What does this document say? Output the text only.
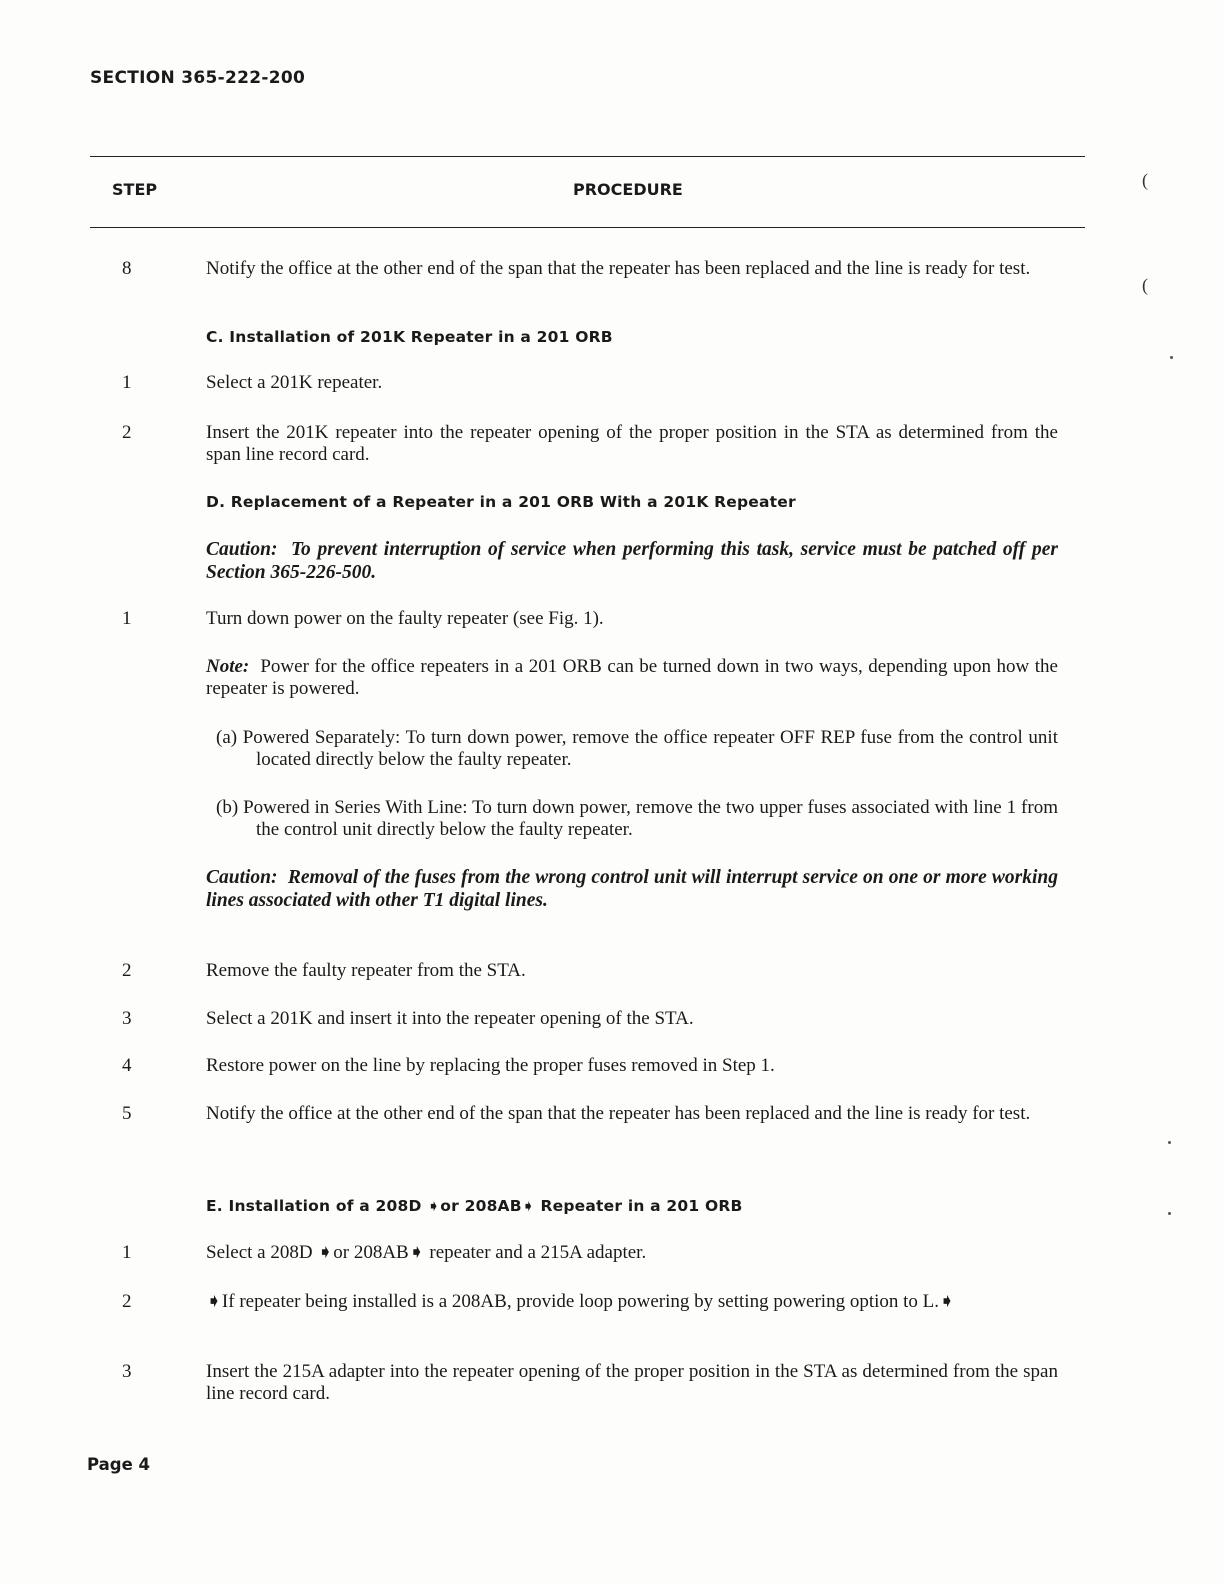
SECTION 365-222-200
STEP	PROCEDURE	(
(
8	Notify the office at the other end of the span that the repeater has been replaced and the line is ready for test.
C. Installation of 201K Repeater in a 201 ORB
1	Select a 201K repeater.
2	Insert the 201K repeater into the repeater opening of the proper position in the STA as determined from the span line record card.
D. Replacement of a Repeater in a 201 ORB With a 201K Repeater
Caution: To prevent interruption of service when performing this task, service must be patched off per Section 365-226-500.
1	Turn down power on the faulty repeater (see Fig. 1).
Note: Power for the office repeaters in a 201 ORB can be turned down in two ways, depending upon how the repeater is powered.
(a) Powered Separately: To turn down power, remove the office repeater OFF REP fuse from the control unit located directly below the faulty repeater.
(b) Powered in Series With Line: To turn down power, remove the two upper fuses associated with line 1 from the control unit directly below the faulty repeater.
Caution: Removal of the fuses from the wrong control unit will interrupt service on one or more working lines associated with other T1 digital lines.
2	Remove the faulty repeater from the STA.
3	Select a 201K and insert it into the repeater opening of the STA.
4	Restore power on the line by replacing the proper fuses removed in Step 1.
5	Notify the office at the other end of the span that the repeater has been replaced and the line is ready for test.
E. Installation of a 208D ➧or 208AB➧ Repeater in a 201 ORB
1	Select a 208D ➧or 208AB➧ repeater and a 215A adapter.
2	➧If repeater being installed is a 208AB, provide loop powering by setting powering option to L.➧
3	Insert the 215A adapter into the repeater opening of the proper position in the STA as determined from the span line record card.
Page 4
